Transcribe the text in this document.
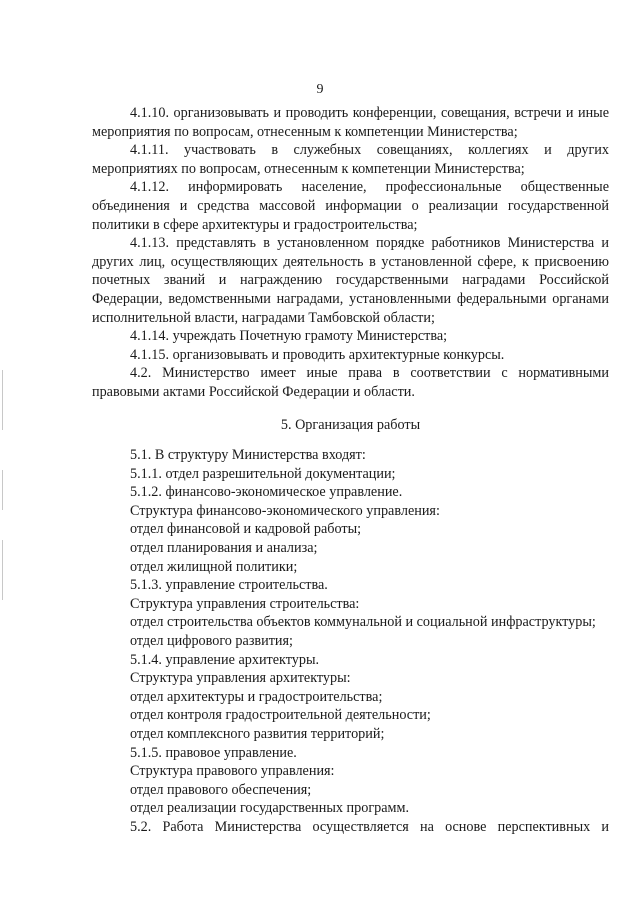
9

4.1.10. организовывать и проводить конференции, совещания, встречи и иные мероприятия по вопросам, отнесенным к компетенции Министерства;

4.1.11. участвовать в служебных совещаниях, коллегиях и других мероприятиях по вопросам, отнесенным к компетенции Министерства;

4.1.12. информировать население, профессиональные общественные объединения и средства массовой информации о реализации государственной политики в сфере архитектуры и градостроительства;

4.1.13. представлять в установленном порядке работников Министерства и других лиц, осуществляющих деятельность в установленной сфере, к присвоению почетных званий и награждению государственными наградами Российской Федерации, ведомственными наградами, установленными федеральными органами исполнительной власти, наградами Тамбовской области;

4.1.14. учреждать Почетную грамоту Министерства;

4.1.15. организовывать и проводить архитектурные конкурсы.

4.2. Министерство имеет иные права в соответствии с нормативными правовыми актами Российской Федерации и области.

5. Организация работы

5.1. В структуру Министерства входят:

5.1.1. отдел разрешительной документации;

5.1.2. финансово-экономическое управление.

Структура финансово-экономического управления:

отдел финансовой и кадровой работы;

отдел планирования и анализа;

отдел жилищной политики;

5.1.3. управление строительства.

Структура управления строительства:

отдел строительства объектов коммунальной и социальной инфраструктуры;

отдел цифрового развития;

5.1.4. управление архитектуры.

Структура управления архитектуры:

отдел архитектуры и градостроительства;

отдел контроля градостроительной деятельности;

отдел комплексного развития территорий;

5.1.5. правовое управление.

Структура правового управления:

отдел правового обеспечения;

отдел реализации государственных программ.

5.2. Работа Министерства осуществляется на основе перспективных и
